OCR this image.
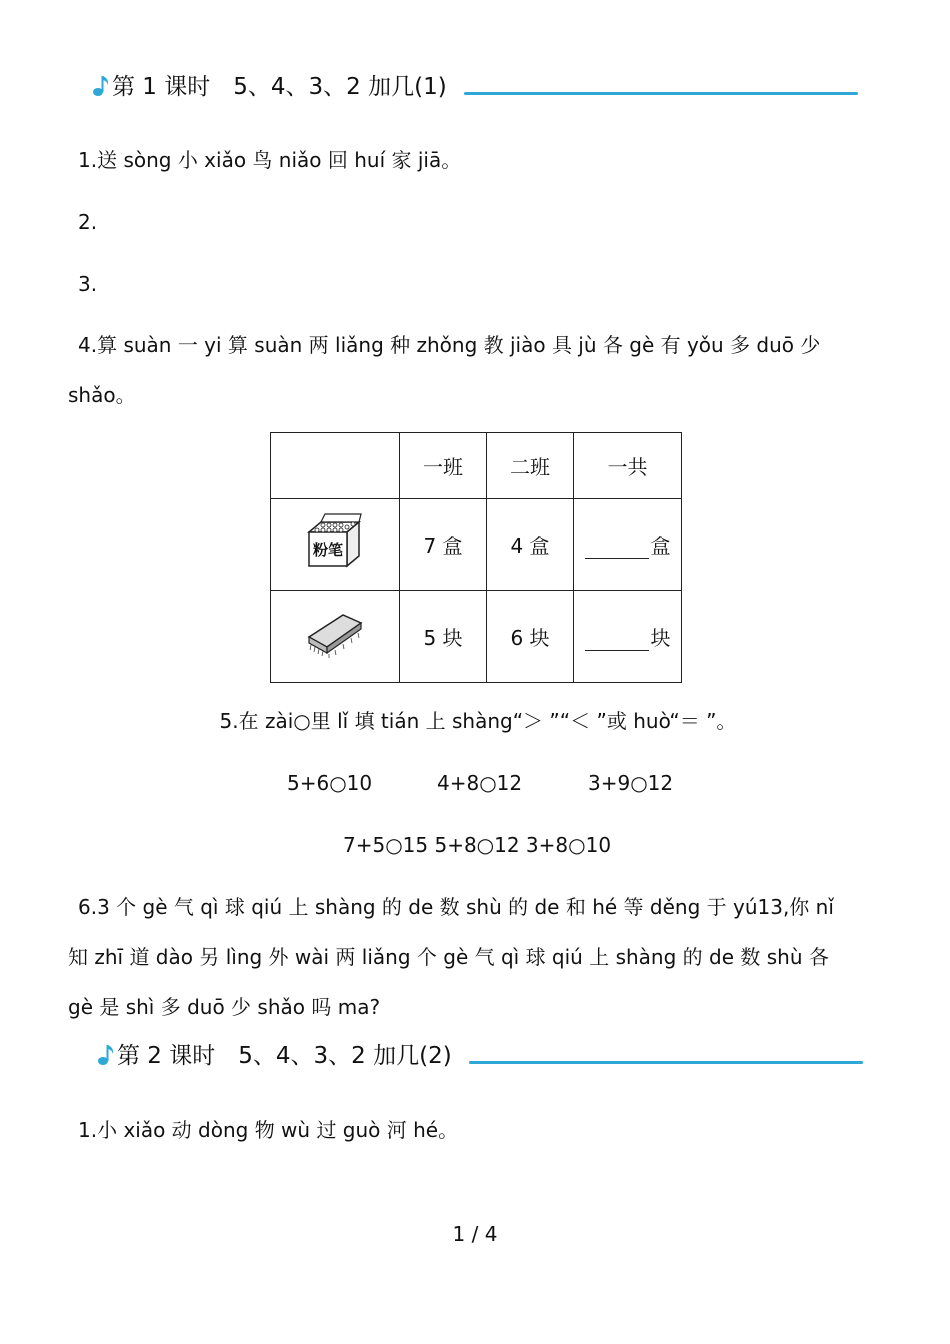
第 1 课时　5、4、3、2 加几(1)
1.送 sòng 小 xiǎo 鸟 niǎo 回 huí 家 jiā。
2.
3.
4.算 suàn 一 yi 算 suàn 两 liǎng 种 zhǒng 教 jiào 具 jù 各 gè 有 yǒu 多 duō 少
shǎo。
	一班	二班	一共

粉笔	7 盒	4 盒	盒
	5 块	6 块	块
5.在 zài○里 lǐ 填 tián 上 shàng“＞ ”“＜ ”或 huò“＝ ”。
5+6○10	4+8○12	3+9○12
7+5○15 5+8○12 3+8○10
6.3 个 gè 气 qì 球 qiú 上 shàng 的 de 数 shù 的 de 和 hé 等 děng 于 yú13,你 nǐ
知 zhī 道 dào 另 lìng 外 wài 两 liǎng 个 gè 气 qì 球 qiú 上 shàng 的 de 数 shù 各
gè 是 shì 多 duō 少 shǎo 吗 ma?
第 2 课时　5、4、3、2 加几(2)
1.小 xiǎo 动 dòng 物 wù 过 guò 河 hé。
1 / 4
